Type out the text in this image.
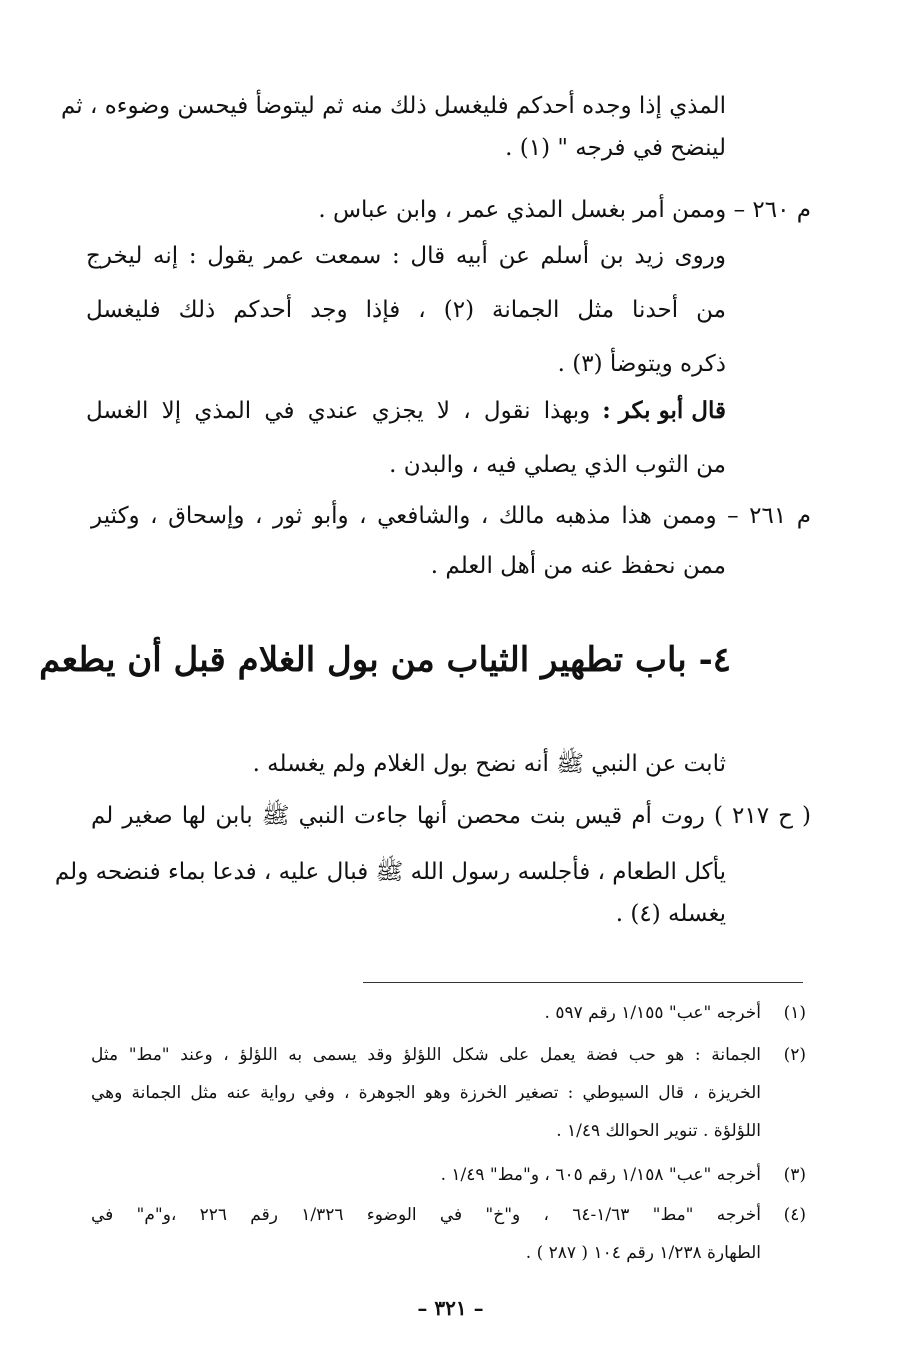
المذي إذا وجده أحدكم فليغسل ذلك منه ثم ليتوضأ فيحسن وضوءه ، ثم
لينضح في فرجه " (١) .
م ٢٦٠ – وممن أمر بغسل المذي عمر ، وابن عباس .
وروى زيد بن أسلم عن أبيه قال : سمعت عمر يقول : إنه ليخرج
من أحدنا مثل الجمانة (٢) ، فإذا وجد أحدكم ذلك فليغسل
ذكره ويتوضأ (٣) .
قال أبو بكر :
وبهذا نقول ، لا يجزي عندي في المذي إلا الغسل
من الثوب الذي يصلي فيه ، والبدن .
م ٢٦١ – وممن هذا مذهبه مالك ، والشافعي ، وأبو ثور ، وإسحاق ، وكثير
ممن نحفظ عنه من أهل العلم .
٤- باب تطهير الثياب من بول الغلام قبل أن يطعم
ثابت عن النبي ﷺ أنه نضح بول الغلام ولم يغسله .
( ح ٢١٧ ) روت أم قيس بنت محصن أنها جاءت النبي ﷺ بابن لها صغير لم
يأكل الطعام ، فأجلسه رسول الله ﷺ فبال عليه ، فدعا بماء فنضحه ولم
يغسله (٤) .
(١)
أخرجه "عب" ١/١٥٥ رقم ٥٩٧ .
(٢)
الجمانة : هو حب فضة يعمل على شكل اللؤلؤ وقد يسمى به اللؤلؤ ، وعند "مط" مثل
الخريزة ، قال السيوطي : تصغير الخرزة وهو الجوهرة ، وفي رواية عنه مثل الجمانة وهي
اللؤلؤة . تنوير الحوالك ١/٤٩ .
(٣)
أخرجه "عب" ١/١٥٨ رقم ٦٠٥ ، و"مط" ١/٤٩ .
(٤)
أخرجه "مط" ١/٦٣-٦٤ ، و"خ" في الوضوء ١/٣٢٦ رقم ٢٢٦ ،و"م" في
الطهارة ١/٢٣٨ رقم ١٠٤ ( ٢٨٧ ) .
– ٣٢١ –
